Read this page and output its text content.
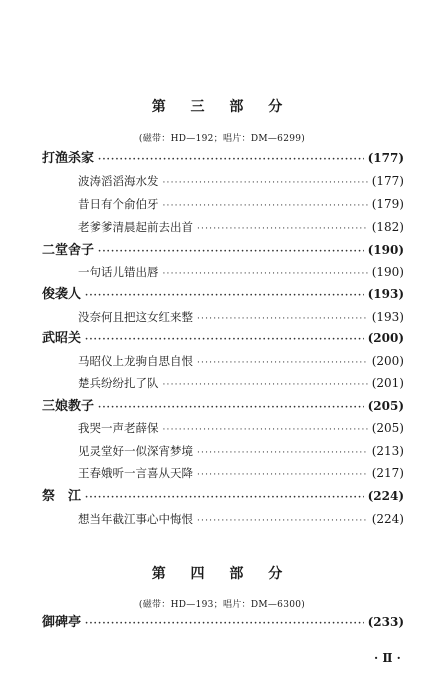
第 三 部 分
(磁带：HD—192；唱片：DM—6299)
打渔杀家 ·····	(177)
波涛滔滔海水发 ·····	(177)
昔日有个俞伯牙 ·····	(179)
老爹爹清晨起前去出首 ·····	(182)
二堂舍子 ·····	(190)
一句话儿错出唇 ·····	(190)
俊袭人 ·····	(193)
没奈何且把这女红来整 ·····	(193)
武昭关 ·····	(200)
马昭仪上龙驹自思自恨 ·····	(200)
楚兵纷纷扎了队 ·····	(201)
三娘教子 ·····	(205)
我哭一声老薛保 ·····	(205)
见灵堂好一似深宵梦境 ·····	(213)
王春娥听一言喜从天降 ·····	(217)
祭　江 ·····	(224)
想当年截江事心中悔恨 ·····	(224)
第 四 部 分
(磁带：HD—193；唱片：DM—6300)
御碑亭 ·····	(233)
· Ⅱ ·
